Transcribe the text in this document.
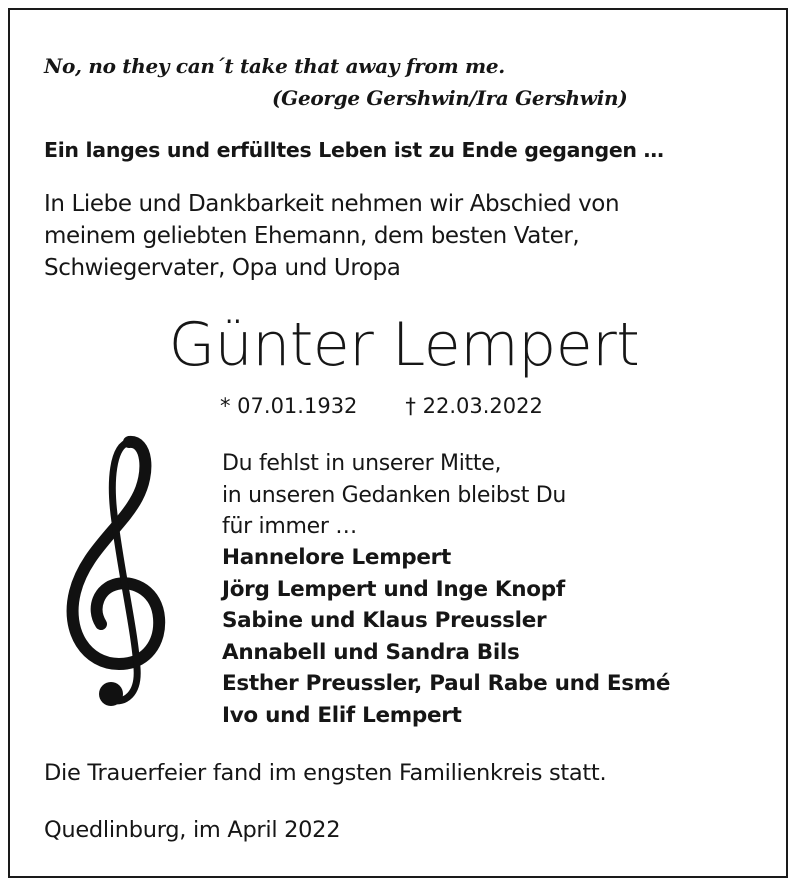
No, no they can´t take that away from me.
(George Gershwin/Ira Gershwin)
Ein langes und erfülltes Leben ist zu Ende gegangen …
In Liebe und Dankbarkeit nehmen wir Abschied von
meinem geliebten Ehemann, dem besten Vater,
Schwiegervater, Opa und Uropa
Günter Lempert
* 07.01.1932 † 22.03.2022
Du fehlst in unserer Mitte,
in unseren Gedanken bleibst Du
für immer …
Hannelore Lempert
Jörg Lempert und Inge Knopf
Sabine und Klaus Preussler
Annabell und Sandra Bils
Esther Preussler, Paul Rabe und Esmé
Ivo und Elif Lempert
Die Trauerfeier fand im engsten Familienkreis statt.
Quedlinburg, im April 2022
